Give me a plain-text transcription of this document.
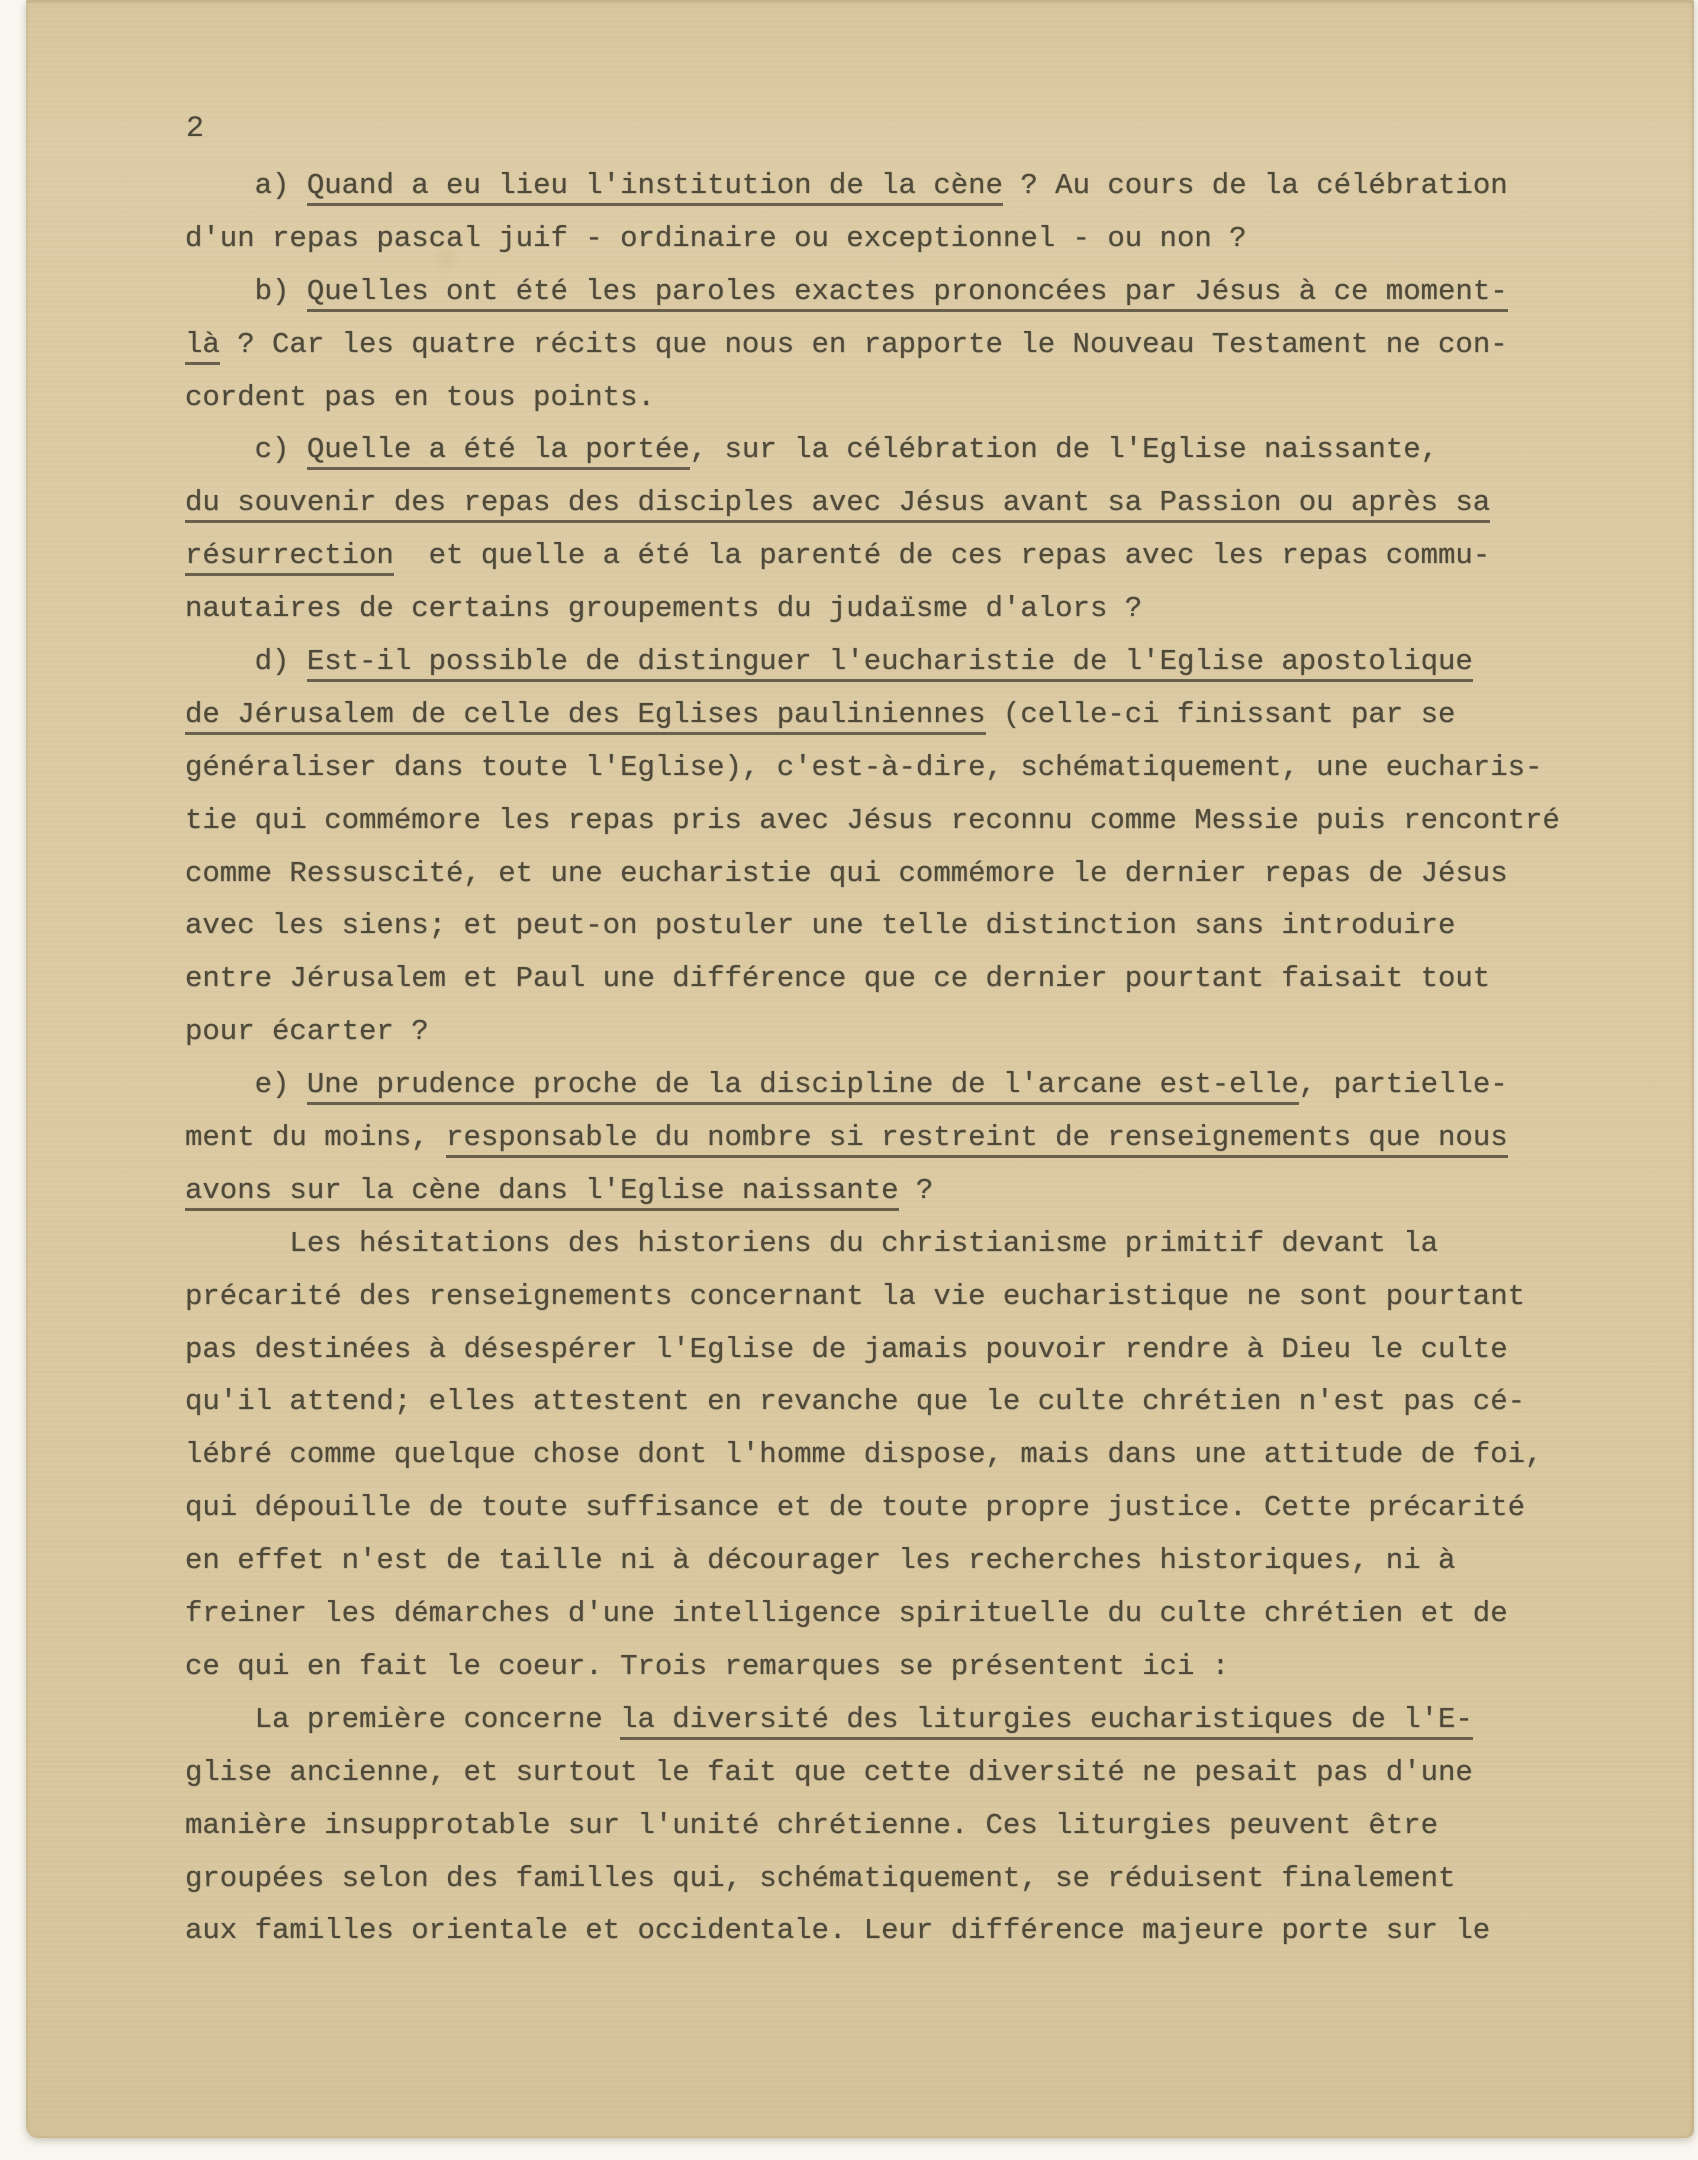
2
a) Quand a eu lieu l'institution de la cène ? Au cours de la célébration
d'un repas pascal juif - ordinaire ou exceptionnel - ou non ?
b) Quelles ont été les paroles exactes prononcées par Jésus à ce moment-
là ? Car les quatre récits que nous en rapporte le Nouveau Testament ne con-
cordent pas en tous points.
c) Quelle a été la portée, sur la célébration de l'Eglise naissante,
du souvenir des repas des disciples avec Jésus avant sa Passion ou après sa
résurrection  et quelle a été la parenté de ces repas avec les repas commu-
nautaires de certains groupements du judaïsme d'alors ?
d) Est-il possible de distinguer l'eucharistie de l'Eglise apostolique
de Jérusalem de celle des Eglises pauliniennes (celle-ci finissant par se
généraliser dans toute l'Eglise), c'est-à-dire, schématiquement, une eucharis-
tie qui commémore les repas pris avec Jésus reconnu comme Messie puis rencontré
comme Ressuscité, et une eucharistie qui commémore le dernier repas de Jésus
avec les siens; et peut-on postuler une telle distinction sans introduire
entre Jérusalem et Paul une différence que ce dernier pourtant faisait tout
pour écarter ?
e) Une prudence proche de la discipline de l'arcane est-elle, partielle-
ment du moins, responsable du nombre si restreint de renseignements que nous
avons sur la cène dans l'Eglise naissante ?
Les hésitations des historiens du christianisme primitif devant la
précarité des renseignements concernant la vie eucharistique ne sont pourtant
pas destinées à désespérer l'Eglise de jamais pouvoir rendre à Dieu le culte
qu'il attend; elles attestent en revanche que le culte chrétien n'est pas cé-
lébré comme quelque chose dont l'homme dispose, mais dans une attitude de foi,
qui dépouille de toute suffisance et de toute propre justice. Cette précarité
en effet n'est de taille ni à décourager les recherches historiques, ni à
freiner les démarches d'une intelligence spirituelle du culte chrétien et de
ce qui en fait le coeur. Trois remarques se présentent ici :
La première concerne la diversité des liturgies eucharistiques de l'E-
glise ancienne, et surtout le fait que cette diversité ne pesait pas d'une
manière insupprotable sur l'unité chrétienne. Ces liturgies peuvent être
groupées selon des familles qui, schématiquement, se réduisent finalement
aux familles orientale et occidentale. Leur différence majeure porte sur le
